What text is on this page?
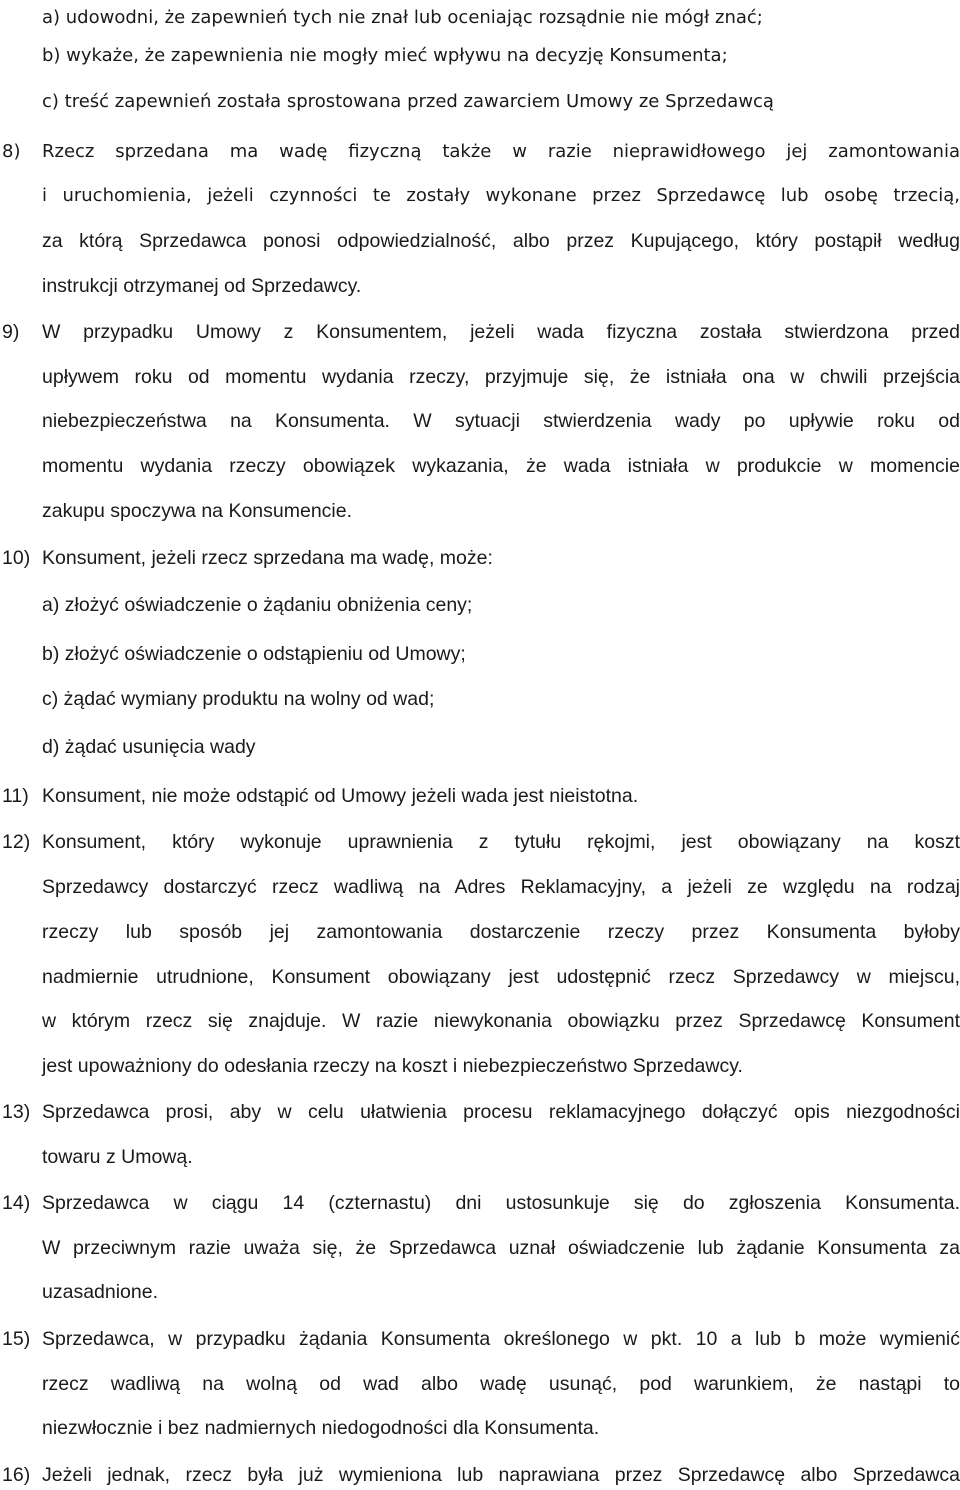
a) udowodni, że zapewnień tych nie znał lub oceniając rozsądnie nie mógł znać;
b) wykaże, że zapewnienia nie mogły mieć wpływu na decyzję Konsumenta;
c) treść zapewnień została sprostowana przed zawarciem Umowy ze Sprzedawcą
8) Rzecz sprzedana ma wadę fizyczną także w razie nieprawidłowego jej zamontowania
i uruchomienia, jeżeli czynności te zostały wykonane przez Sprzedawcę lub osobę trzecią,
za którą Sprzedawca ponosi odpowiedzialność, albo przez Kupującego, który postąpił według
instrukcji otrzymanej od Sprzedawcy.
9) W przypadku Umowy z Konsumentem, jeżeli wada fizyczna została stwierdzona przed
upływem roku od momentu wydania rzeczy, przyjmuje się, że istniała ona w chwili przejścia
niebezpieczeństwa na Konsumenta. W sytuacji stwierdzenia wady po upływie roku od
momentu wydania rzeczy obowiązek wykazania, że wada istniała w produkcie w momencie
zakupu spoczywa na Konsumencie.
10) Konsument, jeżeli rzecz sprzedana ma wadę, może:
a) złożyć oświadczenie o żądaniu obniżenia ceny;
b) złożyć oświadczenie o odstąpieniu od Umowy;
c) żądać wymiany produktu na wolny od wad;
d) żądać usunięcia wady
11) Konsument, nie może odstąpić od Umowy jeżeli wada jest nieistotna.
12) Konsument, który wykonuje uprawnienia z tytułu rękojmi, jest obowiązany na koszt
Sprzedawcy dostarczyć rzecz wadliwą na Adres Reklamacyjny, a jeżeli ze względu na rodzaj
rzeczy lub sposób jej zamontowania dostarczenie rzeczy przez Konsumenta byłoby
nadmiernie utrudnione, Konsument obowiązany jest udostępnić rzecz Sprzedawcy w miejscu,
w którym rzecz się znajduje. W razie niewykonania obowiązku przez Sprzedawcę Konsument
jest upoważniony do odesłania rzeczy na koszt i niebezpieczeństwo Sprzedawcy.
13) Sprzedawca prosi, aby w celu ułatwienia procesu reklamacyjnego dołączyć opis niezgodności
towaru z Umową.
14) Sprzedawca w ciągu 14 (czternastu) dni ustosunkuje się do zgłoszenia Konsumenta.
W przeciwnym razie uważa się, że Sprzedawca uznał oświadczenie lub żądanie Konsumenta za
uzasadnione.
15) Sprzedawca, w przypadku żądania Konsumenta określonego w pkt. 10 a lub b może wymienić
rzecz wadliwą na wolną od wad albo wadę usunąć, pod warunkiem, że nastąpi to
niezwłocznie i bez nadmiernych niedogodności dla Konsumenta.
16) Jeżeli jednak, rzecz była już wymieniona lub naprawiana przez Sprzedawcę albo Sprzedawca
